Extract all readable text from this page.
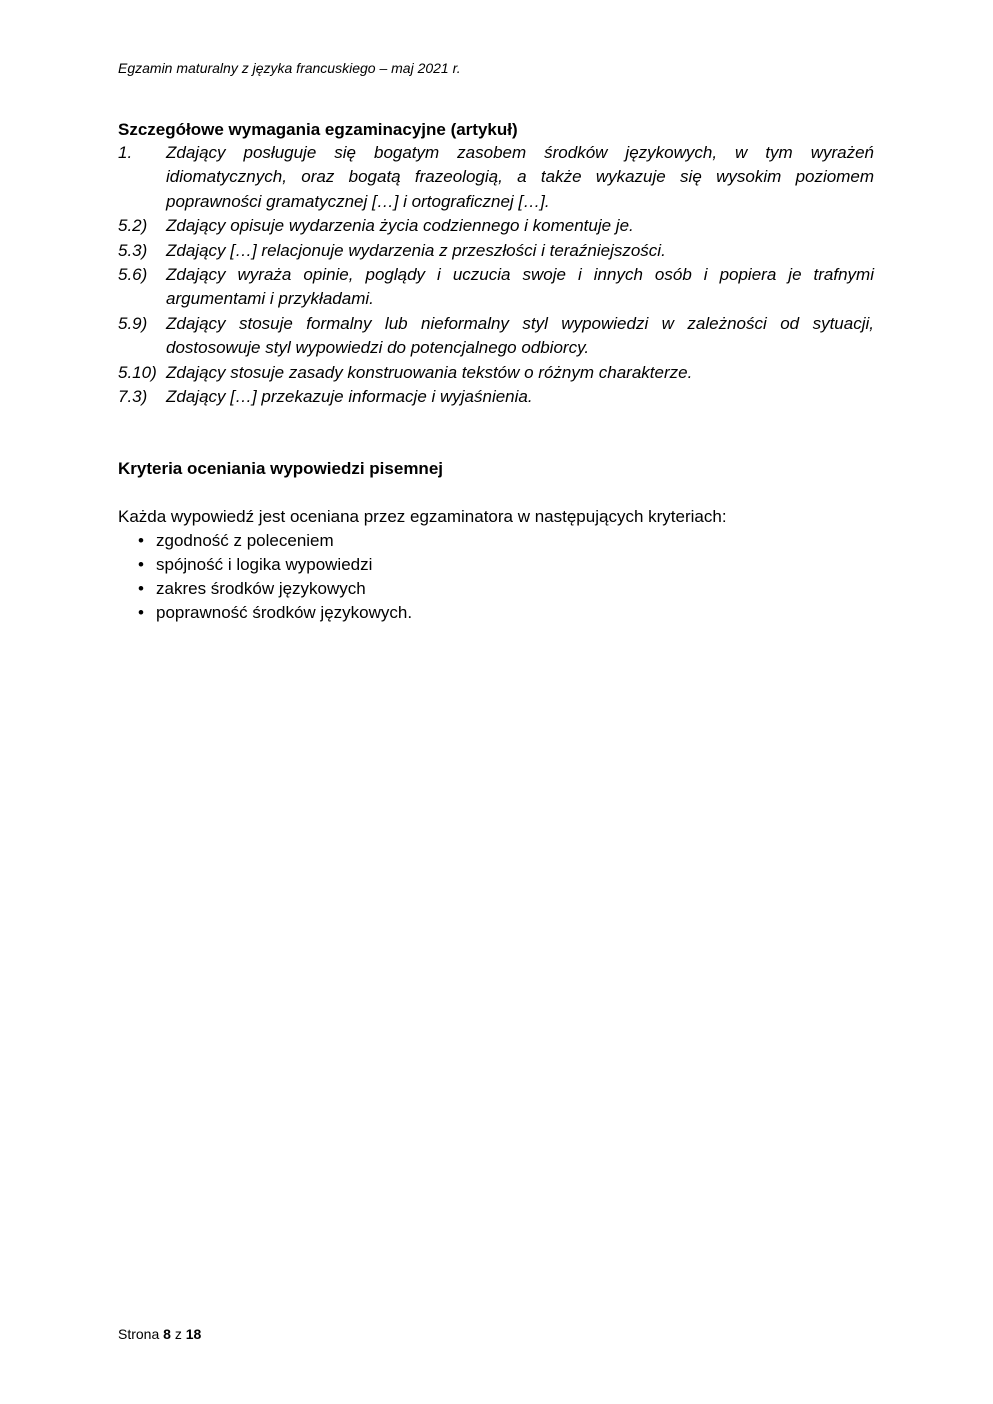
Egzamin maturalny z języka francuskiego – maj 2021 r.
Szczegółowe wymagania egzaminacyjne (artykuł)
1.	Zdający posługuje się bogatym zasobem środków językowych, w tym wyrażeń idiomatycznych, oraz bogatą frazeologią, a także wykazuje się wysokim poziomem poprawności gramatycznej […] i ortograficznej […].
5.2)	Zdający opisuje wydarzenia życia codziennego i komentuje je.
5.3)	Zdający […] relacjonuje wydarzenia z przeszłości i teraźniejszości.
5.6)	Zdający wyraża opinie, poglądy i uczucia swoje i innych osób i popiera je trafnymi argumentami i przykładami.
5.9)	Zdający stosuje formalny lub nieformalny styl wypowiedzi w zależności od sytuacji, dostosowuje styl wypowiedzi do potencjalnego odbiorcy.
5.10) Zdający stosuje zasady konstruowania tekstów o różnym charakterze.
7.3)	Zdający […] przekazuje informacje i wyjaśnienia.
Kryteria oceniania wypowiedzi pisemnej

Każda wypowiedź jest oceniana przez egzaminatora w następujących kryteriach:

• zgodność z poleceniem
• spójność i logika wypowiedzi
• zakres środków językowych
• poprawność środków językowych.
Strona 8 z 18
